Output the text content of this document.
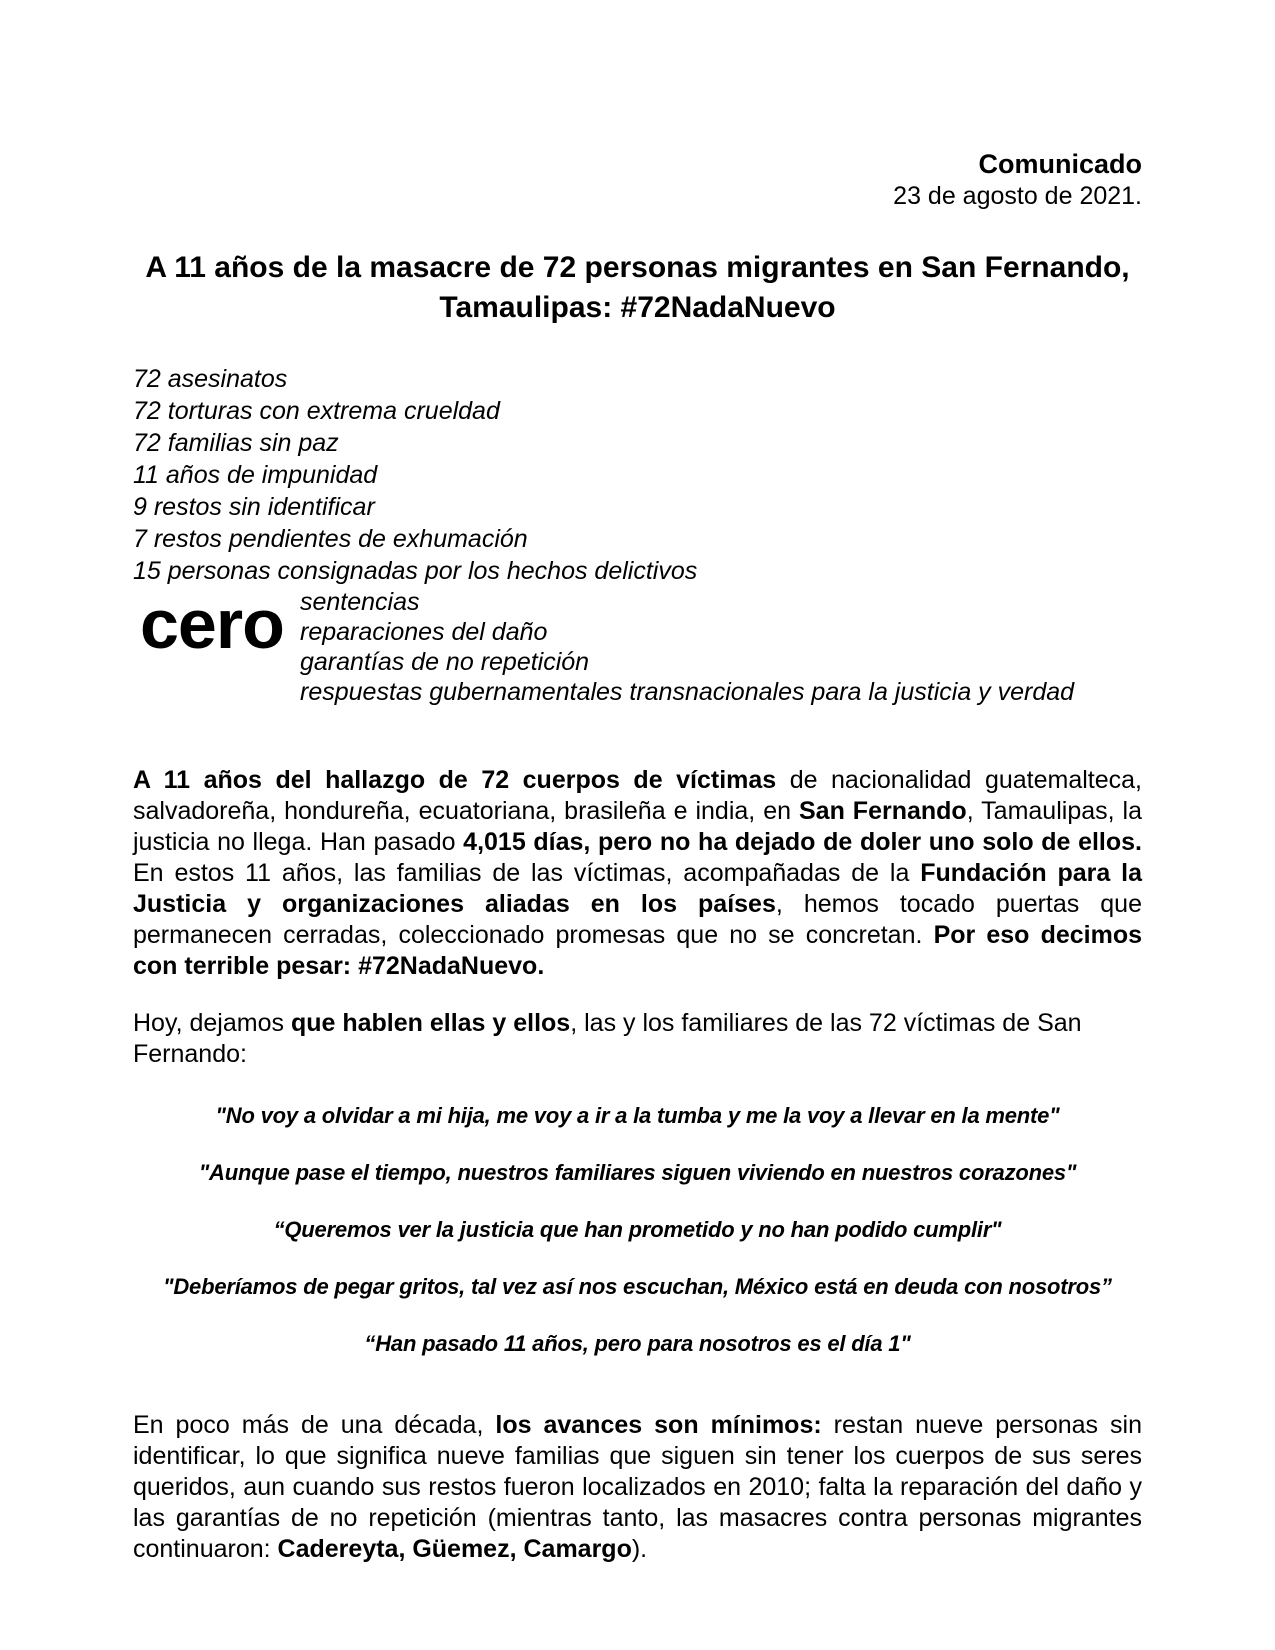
Comunicado
23 de agosto de 2021.
A 11 años de la masacre de 72 personas migrantes en San Fernando, Tamaulipas: #72NadaNuevo
72 asesinatos
72 torturas con extrema crueldad
72 familias sin paz
11 años de impunidad
9 restos sin identificar
7 restos pendientes de exhumación
15 personas consignadas por los hechos delictivos
cero sentencias
reparaciones del daño
garantías de no repetición
respuestas gubernamentales transnacionales para la justicia y verdad

A 11 años del hallazgo de 72 cuerpos de víctimas de nacionalidad guatemalteca, salvadoreña, hondureña, ecuatoriana, brasileña e india, en San Fernando, Tamaulipas, la justicia no llega. Han pasado 4,015 días, pero no ha dejado de doler uno solo de ellos. En estos 11 años, las familias de las víctimas, acompañadas de la Fundación para la Justicia y organizaciones aliadas en los países, hemos tocado puertas que permanecen cerradas, coleccionado promesas que no se concretan. Por eso decimos con terrible pesar: #72NadaNuevo.

Hoy, dejamos que hablen ellas y ellos, las y los familiares de las 72 víctimas de San Fernando:

"No voy a olvidar a mi hija, me voy a ir a la tumba y me la voy a llevar en la mente"
"Aunque pase el tiempo, nuestros familiares siguen viviendo en nuestros corazones"
“Queremos ver la justicia que han prometido y no han podido cumplir"
"Deberíamos de pegar gritos, tal vez así nos escuchan, México está en deuda con nosotros”
“Han pasado 11 años, pero para nosotros es el día 1"

En poco más de una década, los avances son mínimos: restan nueve personas sin identificar, lo que significa nueve familias que siguen sin tener los cuerpos de sus seres queridos, aun cuando sus restos fueron localizados en 2010; falta la reparación del daño y las garantías de no repetición (mientras tanto, las masacres contra personas migrantes continuaron: Cadereyta, Güemez, Camargo).
